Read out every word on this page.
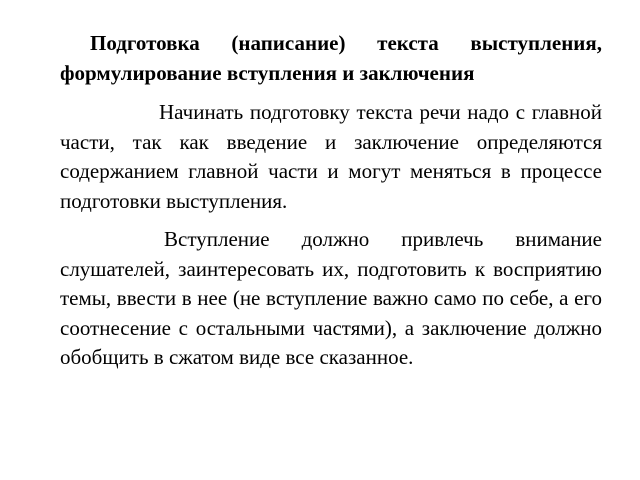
Подготовка (написание) текста выступления, формулирование вступления и заключения

Начинать подготовку текста речи надо с главной части, так как введение и заключение определяются содержанием главной части и могут меняться в процессе подготовки выступления.

Вступление должно привлечь внимание слушателей, заинтересовать их, подготовить к восприятию темы, ввести в нее (не вступление важно само по себе, а его соотнесение с остальными частями), а заключение должно обобщить в сжатом виде все сказанное.
